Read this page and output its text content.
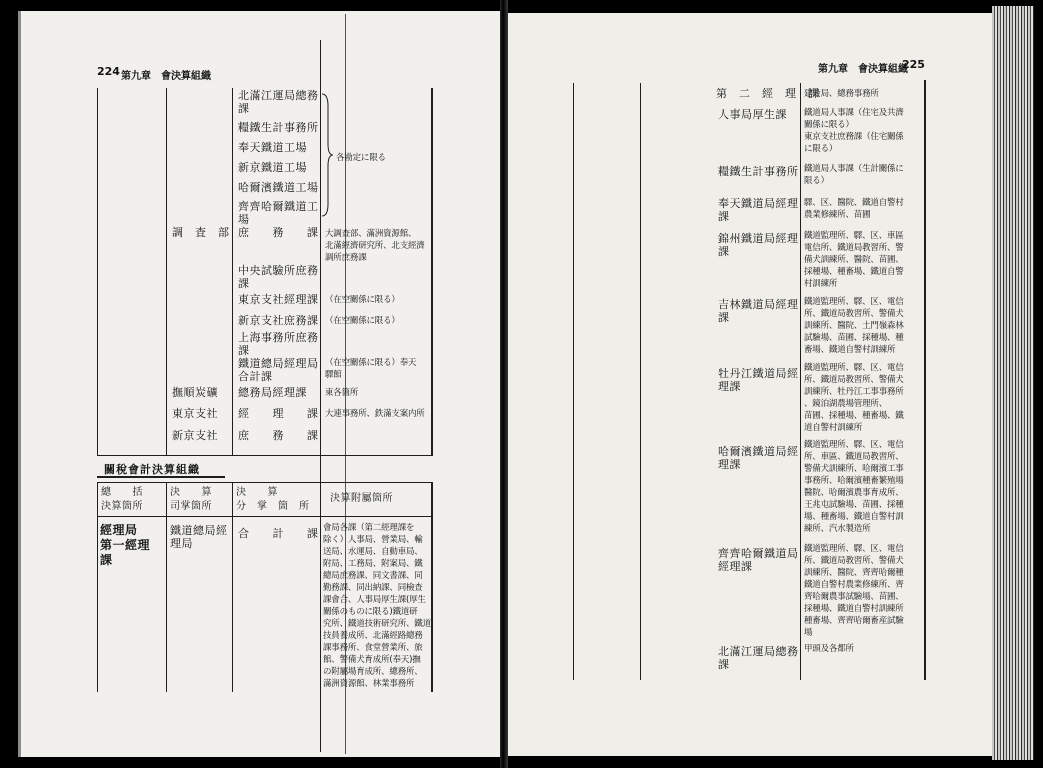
224 第九章　會決算組織
北滿江運局總務
課
糧鐵生計事務所
奉天鐵道工場
新京鐵道工場
哈爾濱鐵道工場
齊齊哈爾鐵道工
場
各勘定に限る
調　査　部 庶　　務　　課 大調查部、滿洲資源館、
北滿經濟研究所、北支經濟
調所庶務課
中央試驗所庶務
課
東京支社經理課 （在空關係に限る）
新京支社庶務課 （在空關係に限る）
上海事務所庶務
課
鐵道總局經理局
合計課
（在空關係に限る）奉天
驛館
撫順炭礦 總務局經理課 東各箇所
東京支社 經　　理　　課 大連事務所、鉄滿支案内所
新京支社 庶　　務　　課
關稅會計決算組織
總　　括
決算箇所
決　　算
司掌箇所
決　　算
分　掌　箇　所
決算附屬箇所
經理局
第一經理
課
鐵道總局經
理局
合　　計　　課 會局各課（第二經理課を
除く）人事局、營業局、輸
送局、水運局、自動車局、
附局、工務局、附案局、鐵
總局庶務課、同文書課、同
勤務課、同出納課、同檢查
課會合、人事局厚生課(厚生
關係のものに限る)鐵道研
究所、鐵道技術研究所、鐵道
技員養成所、北滿經路總務
課事務所、食堂營業所、旅
館、警備犬育成所(奉天)撫
の附屬場育成所、總務所、
滿洲資源館、林業事務所
第九章　會決算組織
225
第　二　經　理　課
建設局、總務事務所
人事局厚生課 鐵道局人事課（住宅及共濟
關係に限る）
東京支社庶務課（住宅關係
に限る）
糧鐵生計事務所 鐵道局人事課（生計關係に
限る）
奉天鐵道局經理
課
驛、区、醫院、鐵道自警村
農業修練所、苗圃
錦州鐵道局經理
課
鐵道監理所、驛、区、車區
電信所、鐵道局教習所、警
備犬訓練所、醫院、苗圃、
採種場、種畜場、鐵道自警
村訓練所
吉林鐵道局經理
課
鐵道監理所、驛、区、電信
所、鐵道局教習所、警備犬
訓練所、醫院、土門嶺森林
試驗場、苗圃、採種場、種
畜場、鐵道自警村訓練所
牡丹江鐵道局經
理課
鐵道監理所、驛、区、電信
所、鐵道局教習所、警備犬
訓練所、牡丹江工事事務所
、鏡泊湖農場管理所、
苗圃、採種場、種畜場、鐵
道自警村訓練所
哈爾濱鐵道局經
理課
鐵道監理所、驛、区、電信
所、車區、鐵道局教習所、
警備犬訓練所、哈爾濱工事
事務所、哈爾濱種畜繁殖場
醫院、哈爾濱農事育成所、
王兆屯試驗場、苗圃、採種
場、種畜場、鐵道自警村訓
練所、汽水製造所
齊齊哈爾鐵道局
經理課
鐵道監理所、驛、区、電信
所、鐵道局教習所、警備犬
訓練所、醫院、齊齊哈爾種
鐵道自警村農業修練所、齊
齊哈爾農事試驗場、苗圃、
採種場、鐵道自警村訓練所
種畜場、齊齊哈爾畜産試驗
場
北滿江運局總務
課
甲頭及各都所
